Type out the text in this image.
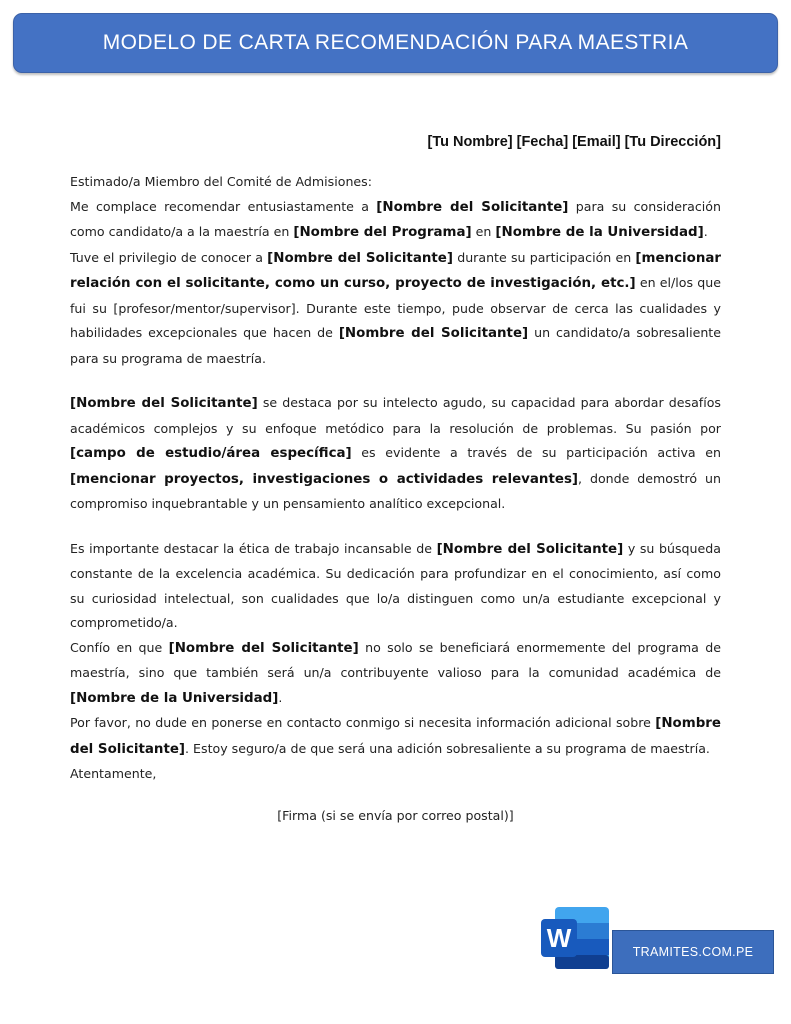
MODELO DE CARTA RECOMENDACIÓN PARA MAESTRIA
[Tu Nombre] [Fecha] [Email] [Tu Dirección]

Estimado/a Miembro del Comité de Admisiones:

Me complace recomendar entusiastamente a [Nombre del Solicitante] para su consideración como candidato/a a la maestría en [Nombre del Programa] en [Nombre de la Universidad].

Tuve el privilegio de conocer a [Nombre del Solicitante] durante su participación en [mencionar relación con el solicitante, como un curso, proyecto de investigación, etc.] en el/los que fui su [profesor/mentor/supervisor]. Durante este tiempo, pude observar de cerca las cualidades y habilidades excepcionales que hacen de [Nombre del Solicitante] un candidato/a sobresaliente para su programa de maestría.

[Nombre del Solicitante] se destaca por su intelecto agudo, su capacidad para abordar desafíos académicos complejos y su enfoque metódico para la resolución de problemas. Su pasión por [campo de estudio/área específica] es evidente a través de su participación activa en [mencionar proyectos, investigaciones o actividades relevantes], donde demostró un compromiso inquebrantable y un pensamiento analítico excepcional.

Es importante destacar la ética de trabajo incansable de [Nombre del Solicitante] y su búsqueda constante de la excelencia académica. Su dedicación para profundizar en el conocimiento, así como su curiosidad intelectual, son cualidades que lo/a distinguen como un/a estudiante excepcional y comprometido/a.

Confío en que [Nombre del Solicitante] no solo se beneficiará enormemente del programa de maestría, sino que también será un/a contribuyente valioso para la comunidad académica de [Nombre de la Universidad].

Por favor, no dude en ponerse en contacto conmigo si necesita información adicional sobre [Nombre del Solicitante]. Estoy seguro/a de que será una adición sobresaliente a su programa de maestría.

Atentamente,

[Firma (si se envía por correo postal)]
W	TRAMITES.COM.PE
